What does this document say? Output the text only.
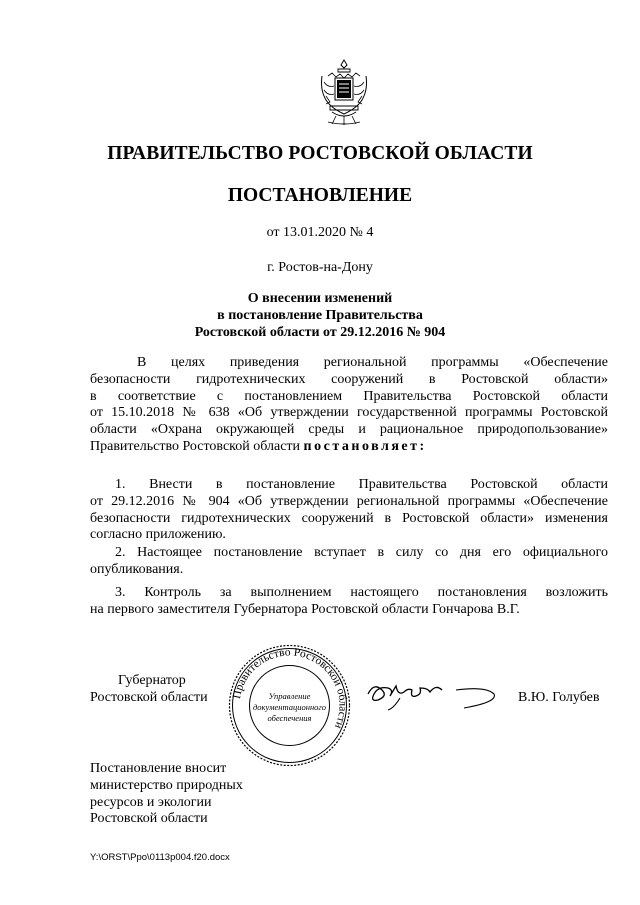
ПРАВИТЕЛЬСТВО РОСТОВСКОЙ ОБЛАСТИ
ПОСТАНОВЛЕНИЕ
от 13.01.2020 № 4
г. Ростов-на-Дону
О внесении изменений
в постановление Правительства
Ростовской области от 29.12.2016 № 904
В целях приведения региональной программы «Обеспечение
безопасности гидротехнических сооружений в Ростовской области»
в соответствие с постановлением Правительства Ростовской области
от 15.10.2018 № 638 «Об утверждении государственной программы Ростовской
области «Охрана окружающей среды и рациональное природопользование»
Правительство Ростовской области постановляет:
1. Внести в постановление Правительства Ростовской области
от 29.12.2016 № 904 «Об утверждении региональной программы «Обеспечение
безопасности гидротехнических сооружений в Ростовской области» изменения
согласно приложению.
2. Настоящее постановление вступает в силу со дня его официального
опубликования.
3. Контроль за выполнением настоящего постановления возложить
на первого заместителя Губернатора Ростовской области Гончарова В.Г.
Губернатор
Ростовской области Правительство Ростовской области
Управление
документационного
обеспечения
В.Ю. Голубев
Постановление вносит
министерство природных
ресурсов и экологии
Ростовской области
Y:\ORST\Ppo\0113p004.f20.docx
